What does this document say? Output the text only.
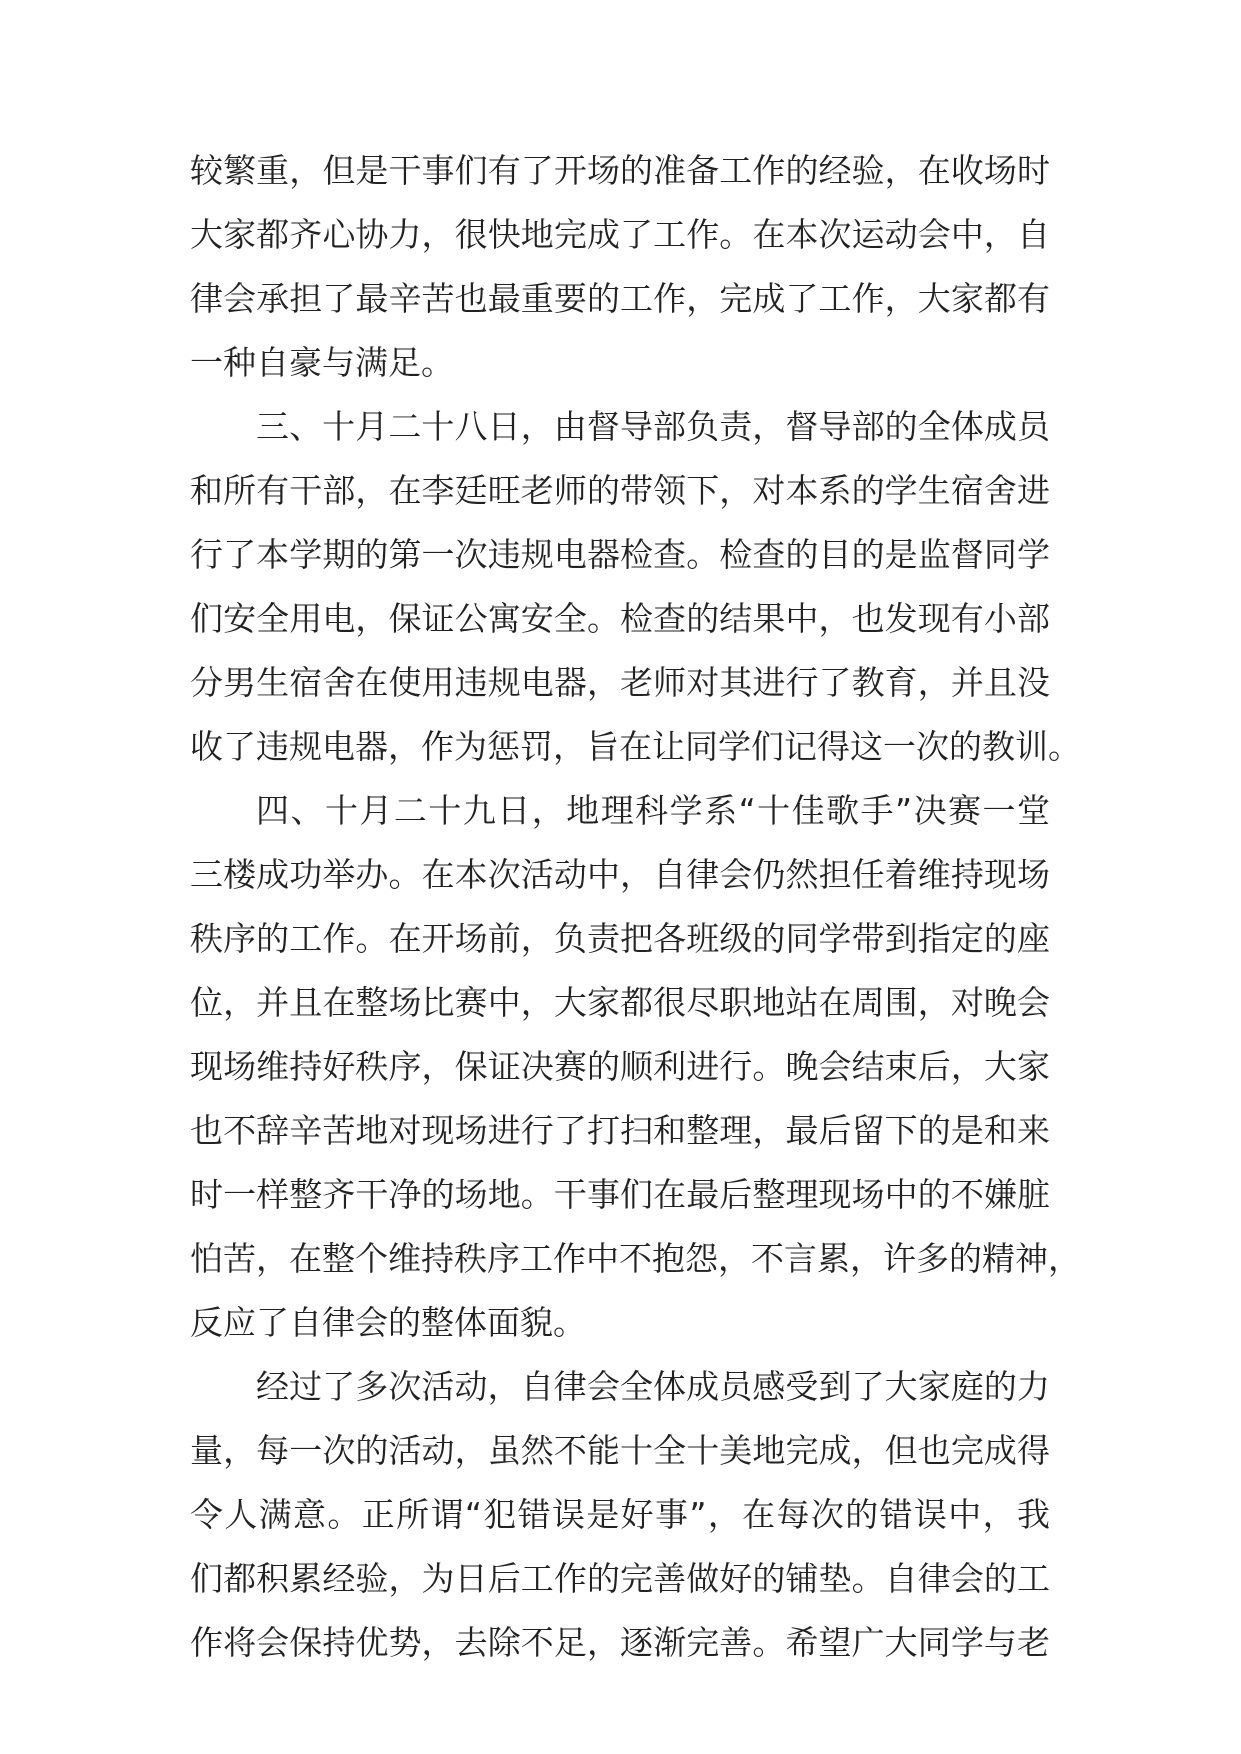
较繁重，但是干事们有了开场的准备工作的经验，在收场时
大家都齐心协力，很快地完成了工作。在本次运动会中，自
律会承担了最辛苦也最重要的工作，完成了工作，大家都有
一种自豪与满足。
三、十月二十八日，由督导部负责，督导部的全体成员
和所有干部，在李廷旺老师的带领下，对本系的学生宿舍进
行了本学期的第一次违规电器检查。检查的目的是监督同学
们安全用电，保证公寓安全。检查的结果中，也发现有小部
分男生宿舍在使用违规电器，老师对其进行了教育，并且没
收了违规电器，作为惩罚，旨在让同学们记得这一次的教训。
四、十月二十九日，地理科学系“十佳歌手”决赛一堂
三楼成功举办。在本次活动中，自律会仍然担任着维持现场
秩序的工作。在开场前，负责把各班级的同学带到指定的座
位，并且在整场比赛中，大家都很尽职地站在周围，对晚会
现场维持好秩序，保证决赛的顺利进行。晚会结束后，大家
也不辞辛苦地对现场进行了打扫和整理，最后留下的是和来
时一样整齐干净的场地。干事们在最后整理现场中的不嫌脏
怕苦，在整个维持秩序工作中不抱怨，不言累，许多的精神，
反应了自律会的整体面貌。
经过了多次活动，自律会全体成员感受到了大家庭的力
量，每一次的活动，虽然不能十全十美地完成，但也完成得
令人满意。正所谓“犯错误是好事”，在每次的错误中，我
们都积累经验，为日后工作的完善做好的铺垫。自律会的工
作将会保持优势，去除不足，逐渐完善。希望广大同学与老
